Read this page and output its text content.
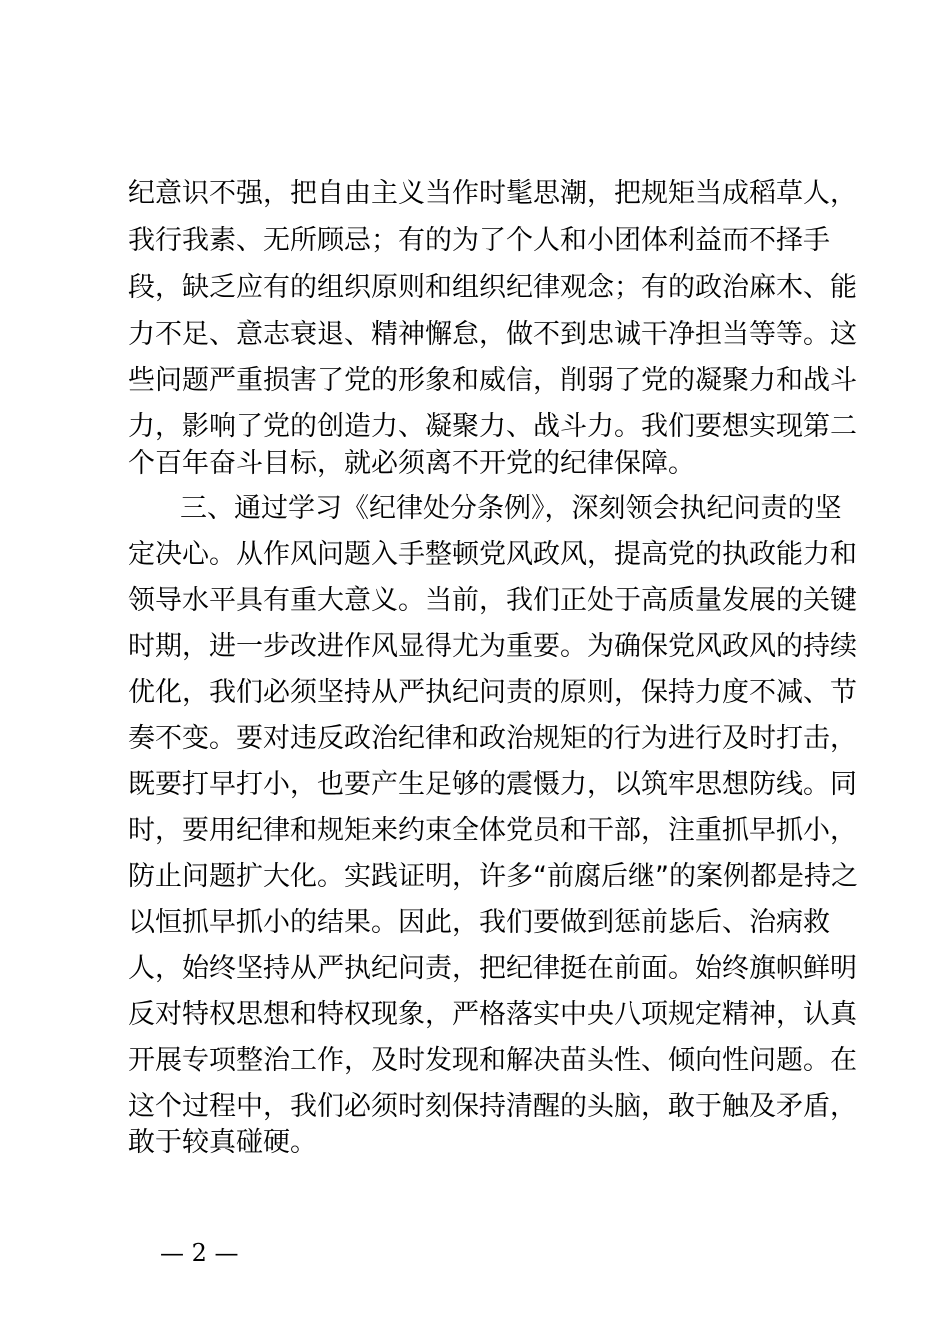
纪意识不强，把自由主义当作时髦思潮，把规矩当成稻草人，
我行我素、无所顾忌；有的为了个人和小团体利益而不择手
段，缺乏应有的组织原则和组织纪律观念；有的政治麻木、能
力不足、意志衰退、精神懈怠，做不到忠诚干净担当等等。这
些问题严重损害了党的形象和威信，削弱了党的凝聚力和战斗
力，影响了党的创造力、凝聚力、战斗力。我们要想实现第二
个百年奋斗目标，就必须离不开党的纪律保障。
三、通过学习《纪律处分条例》，深刻领会执纪问责的坚
定决心。从作风问题入手整顿党风政风，提高党的执政能力和
领导水平具有重大意义。当前，我们正处于高质量发展的关键
时期，进一步改进作风显得尤为重要。为确保党风政风的持续
优化，我们必须坚持从严执纪问责的原则，保持力度不减、节
奏不变。要对违反政治纪律和政治规矩的行为进行及时打击，
既要打早打小，也要产生足够的震慑力，以筑牢思想防线。同
时，要用纪律和规矩来约束全体党员和干部，注重抓早抓小，
防止问题扩大化。实践证明，许多“前腐后继”的案例都是持之
以恒抓早抓小的结果。因此，我们要做到惩前毖后、治病救
人，始终坚持从严执纪问责，把纪律挺在前面。始终旗帜鲜明
反对特权思想和特权现象，严格落实中央八项规定精神，认真
开展专项整治工作，及时发现和解决苗头性、倾向性问题。在
这个过程中，我们必须时刻保持清醒的头脑，敢于触及矛盾，
敢于较真碰硬。
— 2 —
